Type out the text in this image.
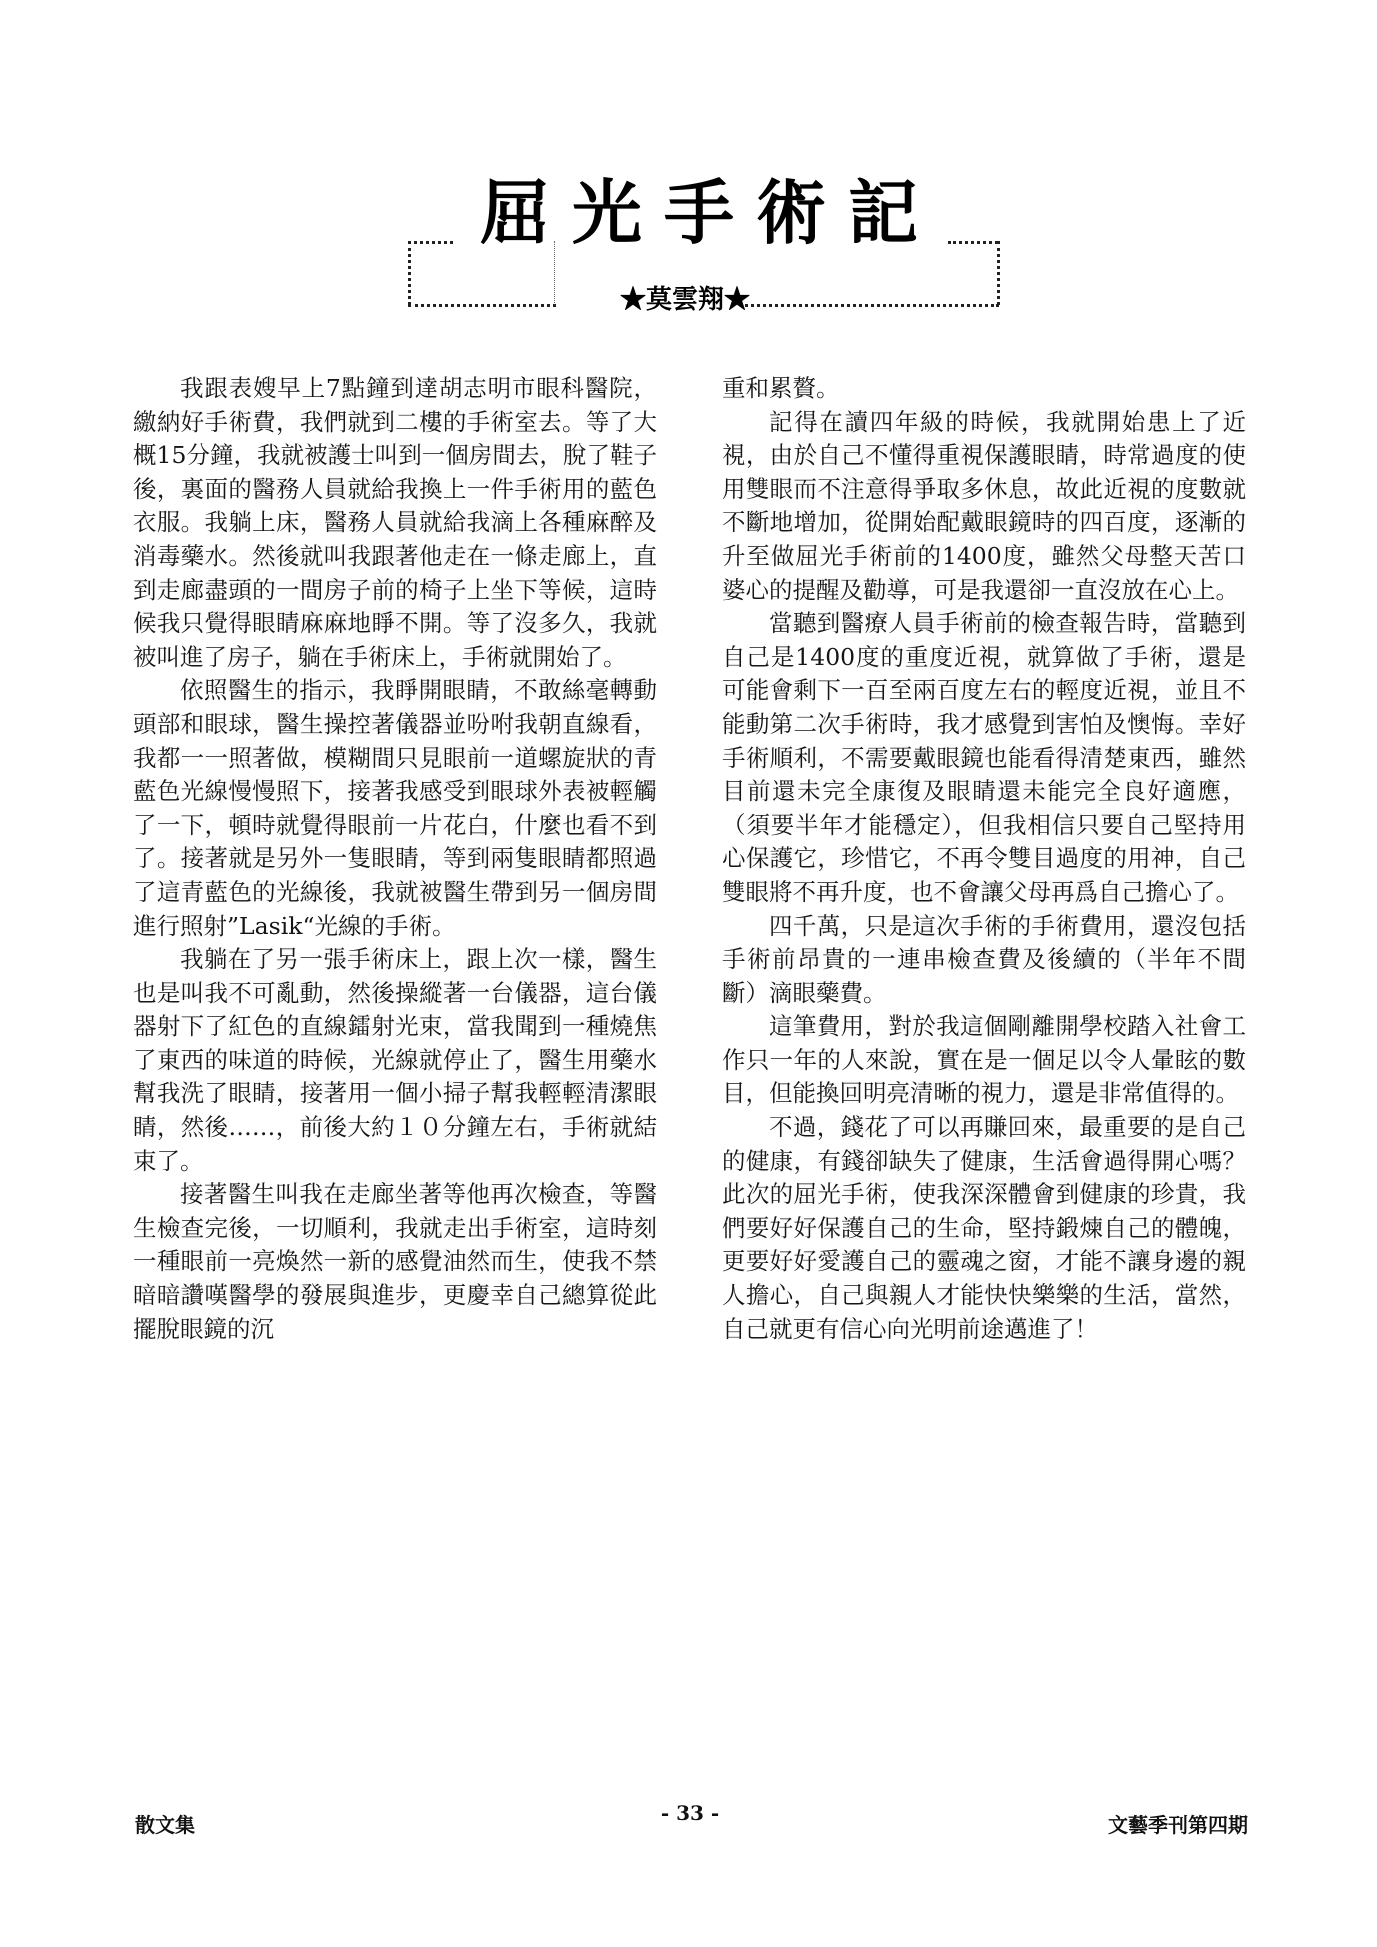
屈光手術記
★莫雲翔★

我跟表嫂早上7點鐘到達胡志明市眼科醫院，繳納好手術費，我們就到二樓的手術室去。等了大概15分鐘，我就被護士叫到一個房間去，脫了鞋子後，裏面的醫務人員就給我換上一件手術用的藍色衣服。我躺上床，醫務人員就給我滴上各種麻醉及消毒藥水。然後就叫我跟著他走在一條走廊上，直到走廊盡頭的一間房子前的椅子上坐下等候，這時候我只覺得眼睛麻麻地睜不開。等了沒多久，我就被叫進了房子，躺在手術床上，手術就開始了。

依照醫生的指示，我睜開眼睛，不敢絲毫轉動頭部和眼球，醫生操控著儀器並吩咐我朝直線看，我都一一照著做，模糊間只見眼前一道螺旋狀的青藍色光線慢慢照下，接著我感受到眼球外表被輕觸了一下，頓時就覺得眼前一片花白，什麼也看不到了。接著就是另外一隻眼睛，等到兩隻眼睛都照過了這青藍色的光線後，我就被醫生帶到另一個房間進行照射”Lasik“光線的手術。

我躺在了另一張手術床上，跟上次一樣，醫生也是叫我不可亂動，然後操縱著一台儀器，這台儀器射下了紅色的直線鐳射光束，當我聞到一種燒焦了東西的味道的時候，光線就停止了，醫生用藥水幫我洗了眼睛，接著用一個小掃子幫我輕輕清潔眼睛，然後……，前後大約１０分鐘左右，手術就結束了。

接著醫生叫我在走廊坐著等他再次檢查，等醫生檢查完後，一切順利，我就走出手術室，這時刻一種眼前一亮煥然一新的感覺油然而生，使我不禁暗暗讚嘆醫學的發展與進步，更慶幸自己總算從此擺脫眼鏡的沉

重和累贅。

記得在讀四年級的時候，我就開始患上了近視，由於自己不懂得重視保護眼睛，時常過度的使用雙眼而不注意得爭取多休息，故此近視的度數就不斷地增加，從開始配戴眼鏡時的四百度，逐漸的升至做屈光手術前的1400度，雖然父母整天苦口婆心的提醒及勸導，可是我還卻一直沒放在心上。

當聽到醫療人員手術前的檢查報告時，當聽到自己是1400度的重度近視，就算做了手術，還是可能會剩下一百至兩百度左右的輕度近視，並且不能動第二次手術時，我才感覺到害怕及懊悔。幸好手術順利，不需要戴眼鏡也能看得清楚東西，雖然目前還未完全康復及眼睛還未能完全良好適應，（須要半年才能穩定），但我相信只要自己堅持用心保護它，珍惜它，不再令雙目過度的用神，自己雙眼將不再升度，也不會讓父母再爲自己擔心了。

四千萬，只是這次手術的手術費用，還沒包括手術前昂貴的一連串檢查費及後續的（半年不間斷）滴眼藥費。

這筆費用，對於我這個剛離開學校踏入社會工作只一年的人來說，實在是一個足以令人暈眩的數目，但能換回明亮清晰的視力，還是非常值得的。

不過，錢花了可以再賺回來，最重要的是自己的健康，有錢卻缺失了健康，生活會過得開心嗎？此次的屈光手術，使我深深體會到健康的珍貴，我們要好好保護自己的生命，堅持鍛煉自己的體魄，更要好好愛護自己的靈魂之窗，才能不讓身邊的親人擔心，自己與親人才能快快樂樂的生活，當然，自己就更有信心向光明前途邁進了！

散文集	- 33 -	文藝季刊第四期
